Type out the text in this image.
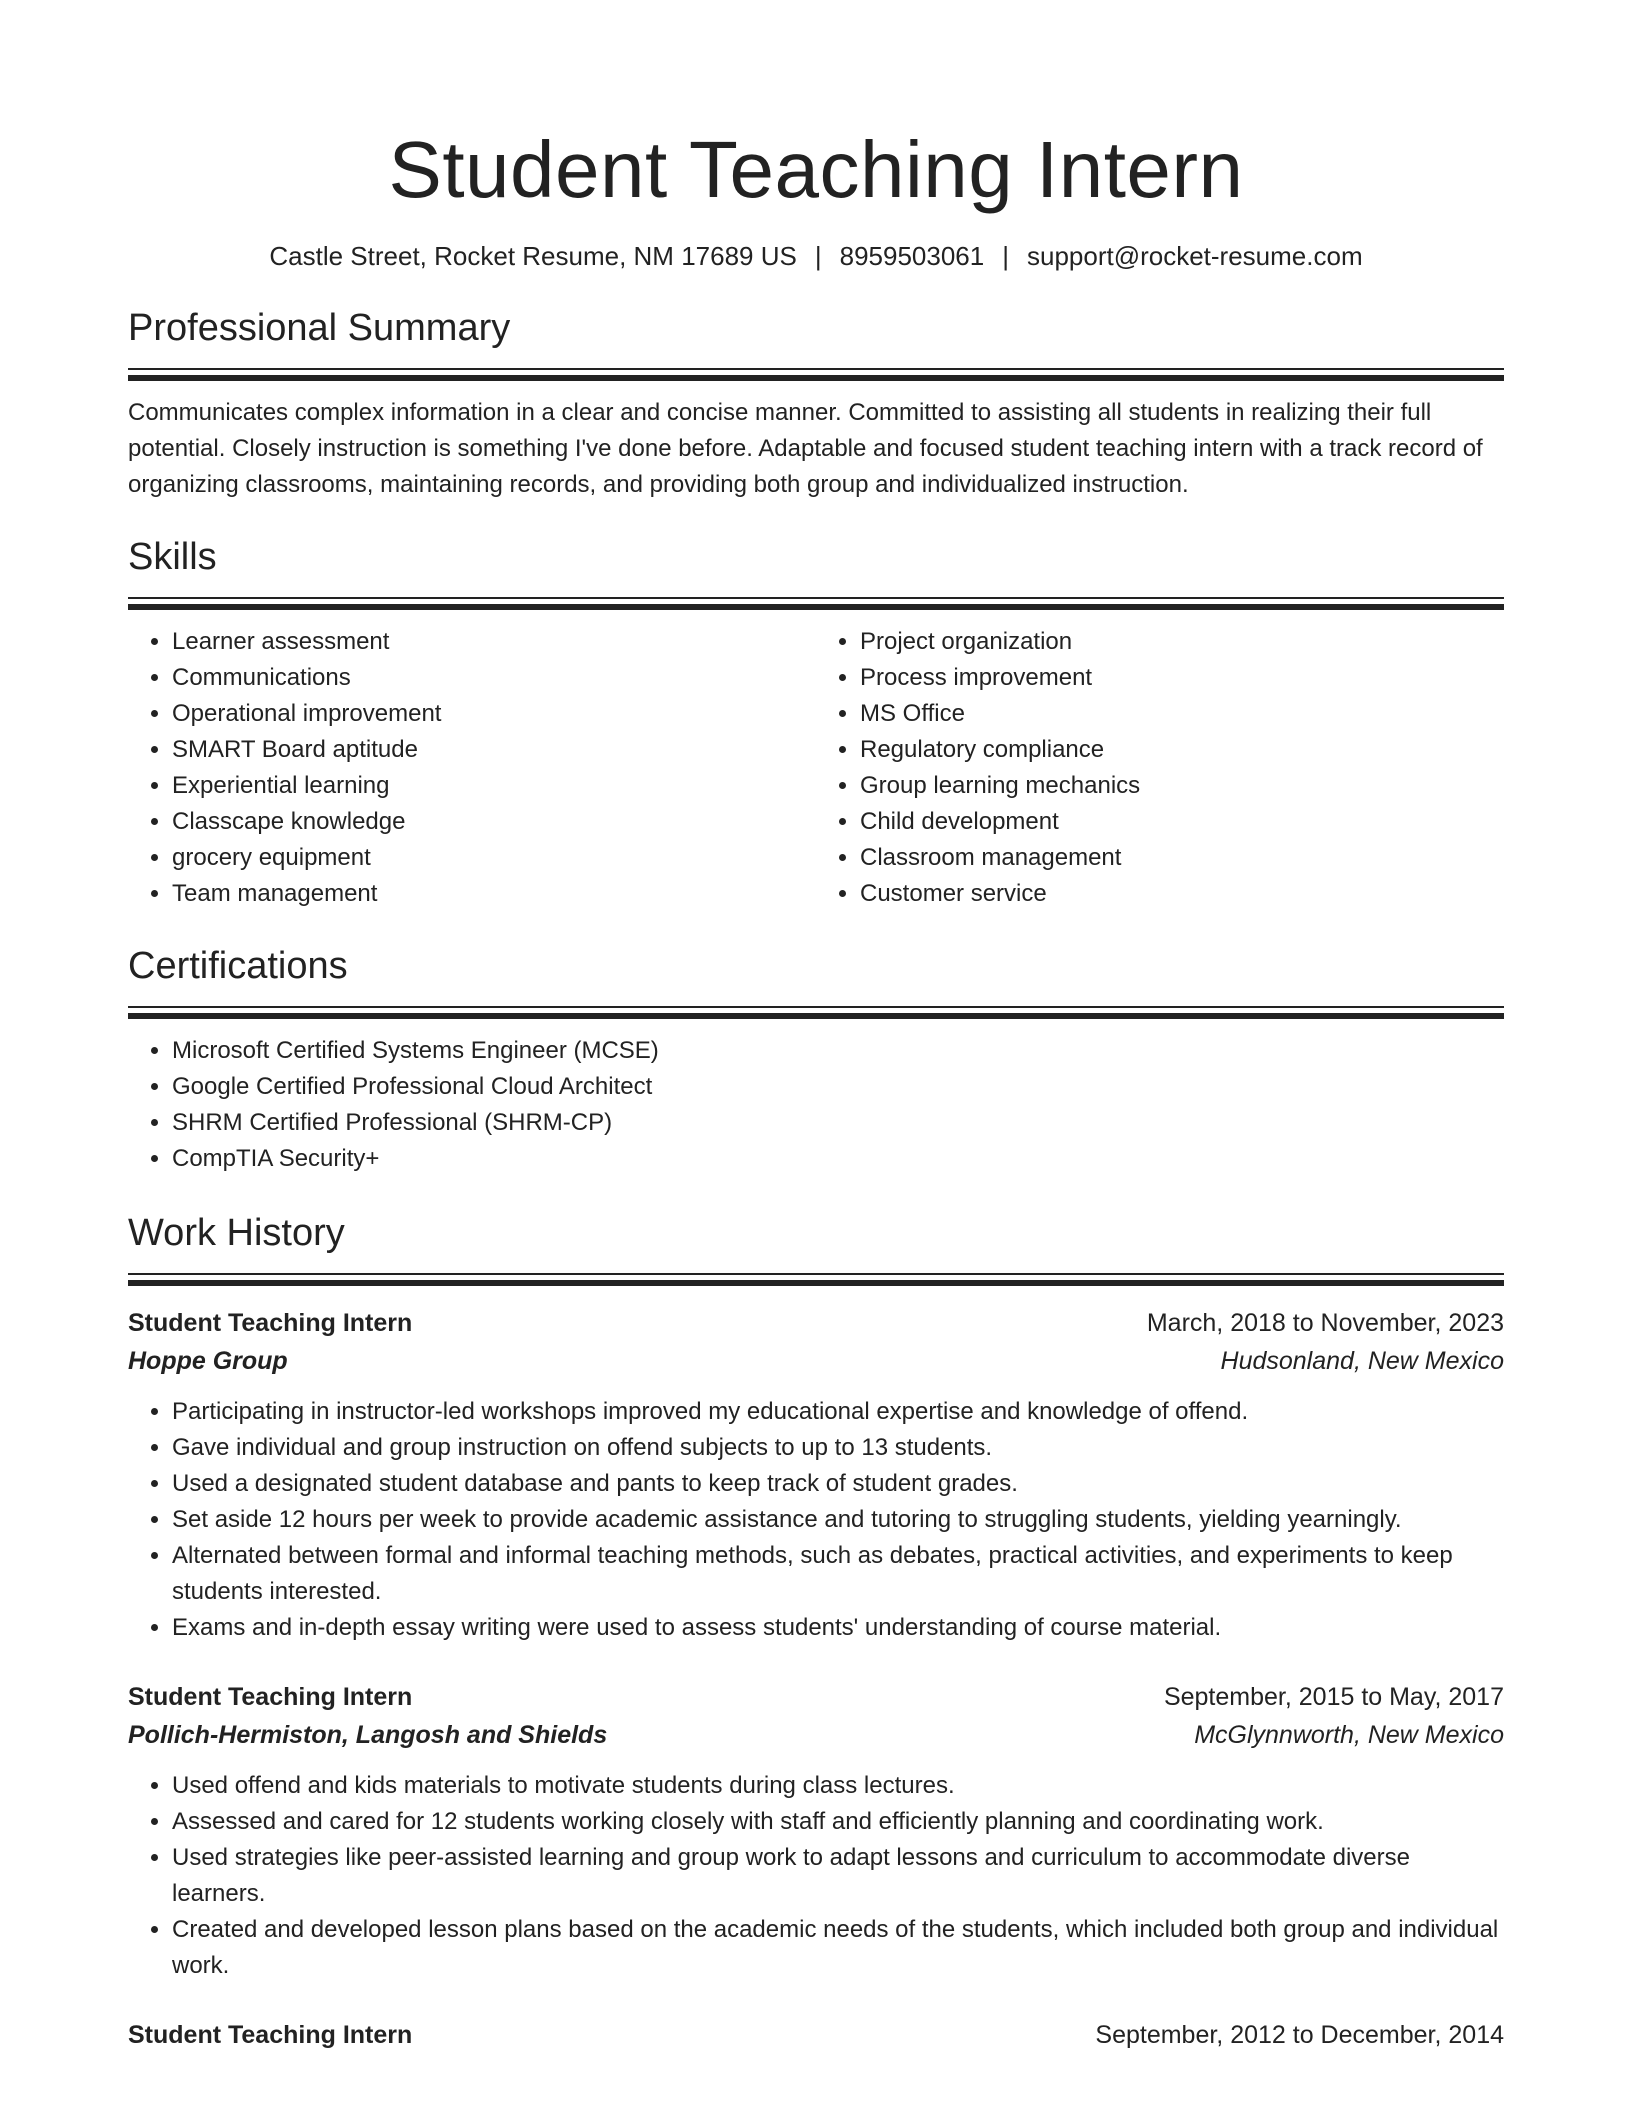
Student Teaching Intern
Castle Street, Rocket Resume, NM 17689 US | 8959503061 | support@rocket-resume.com
Professional Summary
Communicates complex information in a clear and concise manner. Committed to assisting all students in realizing their full potential. Closely instruction is something I've done before. Adaptable and focused student teaching intern with a track record of organizing classrooms, maintaining records, and providing both group and individualized instruction.
Skills
• Learner assessment
• Communications
• Operational improvement
• SMART Board aptitude
• Experiential learning
• Classcape knowledge
• grocery equipment
• Team management
• Project organization
• Process improvement
• MS Office
• Regulatory compliance
• Group learning mechanics
• Child development
• Classroom management
• Customer service
Certifications
• Microsoft Certified Systems Engineer (MCSE)
• Google Certified Professional Cloud Architect
• SHRM Certified Professional (SHRM-CP)
• CompTIA Security+
Work History
Student Teaching Intern	March, 2018 to November, 2023
Hoppe Group	Hudsonland, New Mexico
• Participating in instructor-led workshops improved my educational expertise and knowledge of offend.
• Gave individual and group instruction on offend subjects to up to 13 students.
• Used a designated student database and pants to keep track of student grades.
• Set aside 12 hours per week to provide academic assistance and tutoring to struggling students, yielding yearningly.
• Alternated between formal and informal teaching methods, such as debates, practical activities, and experiments to keep students interested.
• Exams and in-depth essay writing were used to assess students' understanding of course material.
Student Teaching Intern	September, 2015 to May, 2017
Pollich-Hermiston, Langosh and Shields	McGlynnworth, New Mexico
• Used offend and kids materials to motivate students during class lectures.
• Assessed and cared for 12 students working closely with staff and efficiently planning and coordinating work.
• Used strategies like peer-assisted learning and group work to adapt lessons and curriculum to accommodate diverse learners.
• Created and developed lesson plans based on the academic needs of the students, which included both group and individual work.
Student Teaching Intern	September, 2012 to December, 2014
